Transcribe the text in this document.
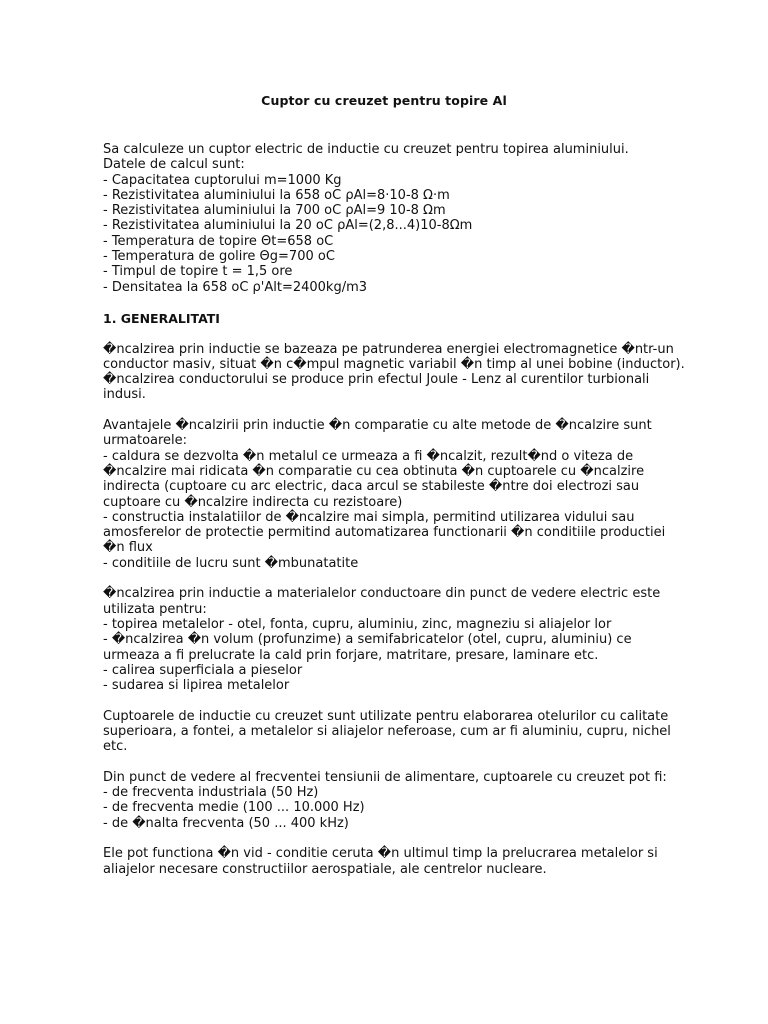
Cuptor cu creuzet pentru topire Al
Sa calculeze un cuptor electric de inductie cu creuzet pentru topirea aluminiului.
Datele de calcul sunt:
- Capacitatea cuptorului m=1000 Kg
- Rezistivitatea aluminiului la 658 oC ρAl=8·10-8 Ω·m
- Rezistivitatea aluminiului la 700 oC ρAl=9 10-8 Ωm
- Rezistivitatea aluminiului la 20 oC ρAl=(2,8...4)10-8Ωm
- Temperatura de topire Θt=658 oC
- Temperatura de golire Θg=700 oC
- Timpul de topire t = 1,5 ore
- Densitatea la 658 oC ρ'Alt=2400kg/m3
1. GENERALITATI
�ncalzirea prin inductie se bazeaza pe patrunderea energiei electromagnetice �ntr-un
conductor masiv, situat �n c�mpul magnetic variabil �n timp al unei bobine (inductor).
�ncalzirea conductorului se produce prin efectul Joule - Lenz al curentilor turbionali
indusi.
Avantajele �ncalzirii prin inductie �n comparatie cu alte metode de �ncalzire sunt
urmatoarele:
- caldura se dezvolta �n metalul ce urmeaza a fi �ncalzit, rezult�nd o viteza de
�ncalzire mai ridicata �n comparatie cu cea obtinuta �n cuptoarele cu �ncalzire
indirecta (cuptoare cu arc electric, daca arcul se stabileste �ntre doi electrozi sau
cuptoare cu �ncalzire indirecta cu rezistoare)
- constructia instalatiilor de �ncalzire mai simpla, permitind utilizarea vidului sau
amosferelor de protectie permitind automatizarea functionarii �n conditiile productiei
�n flux
- conditiile de lucru sunt �mbunatatite
�ncalzirea prin inductie a materialelor conductoare din punct de vedere electric este
utilizata pentru:
- topirea metalelor - otel, fonta, cupru, aluminiu, zinc, magneziu si aliajelor lor
- �ncalzirea �n volum (profunzime) a semifabricatelor (otel, cupru, aluminiu) ce
urmeaza a fi prelucrate la cald prin forjare, matritare, presare, laminare etc.
- calirea superficiala a pieselor
- sudarea si lipirea metalelor
Cuptoarele de inductie cu creuzet sunt utilizate pentru elaborarea otelurilor cu calitate
superioara, a fontei, a metalelor si aliajelor neferoase, cum ar fi aluminiu, cupru, nichel
etc.
Din punct de vedere al frecventei tensiunii de alimentare, cuptoarele cu creuzet pot fi:
- de frecventa industriala (50 Hz)
- de frecventa medie (100 ... 10.000 Hz)
- de �nalta frecventa (50 ... 400 kHz)
Ele pot functiona �n vid - conditie ceruta �n ultimul timp la prelucrarea metalelor si
aliajelor necesare constructiilor aerospatiale, ale centrelor nucleare.
